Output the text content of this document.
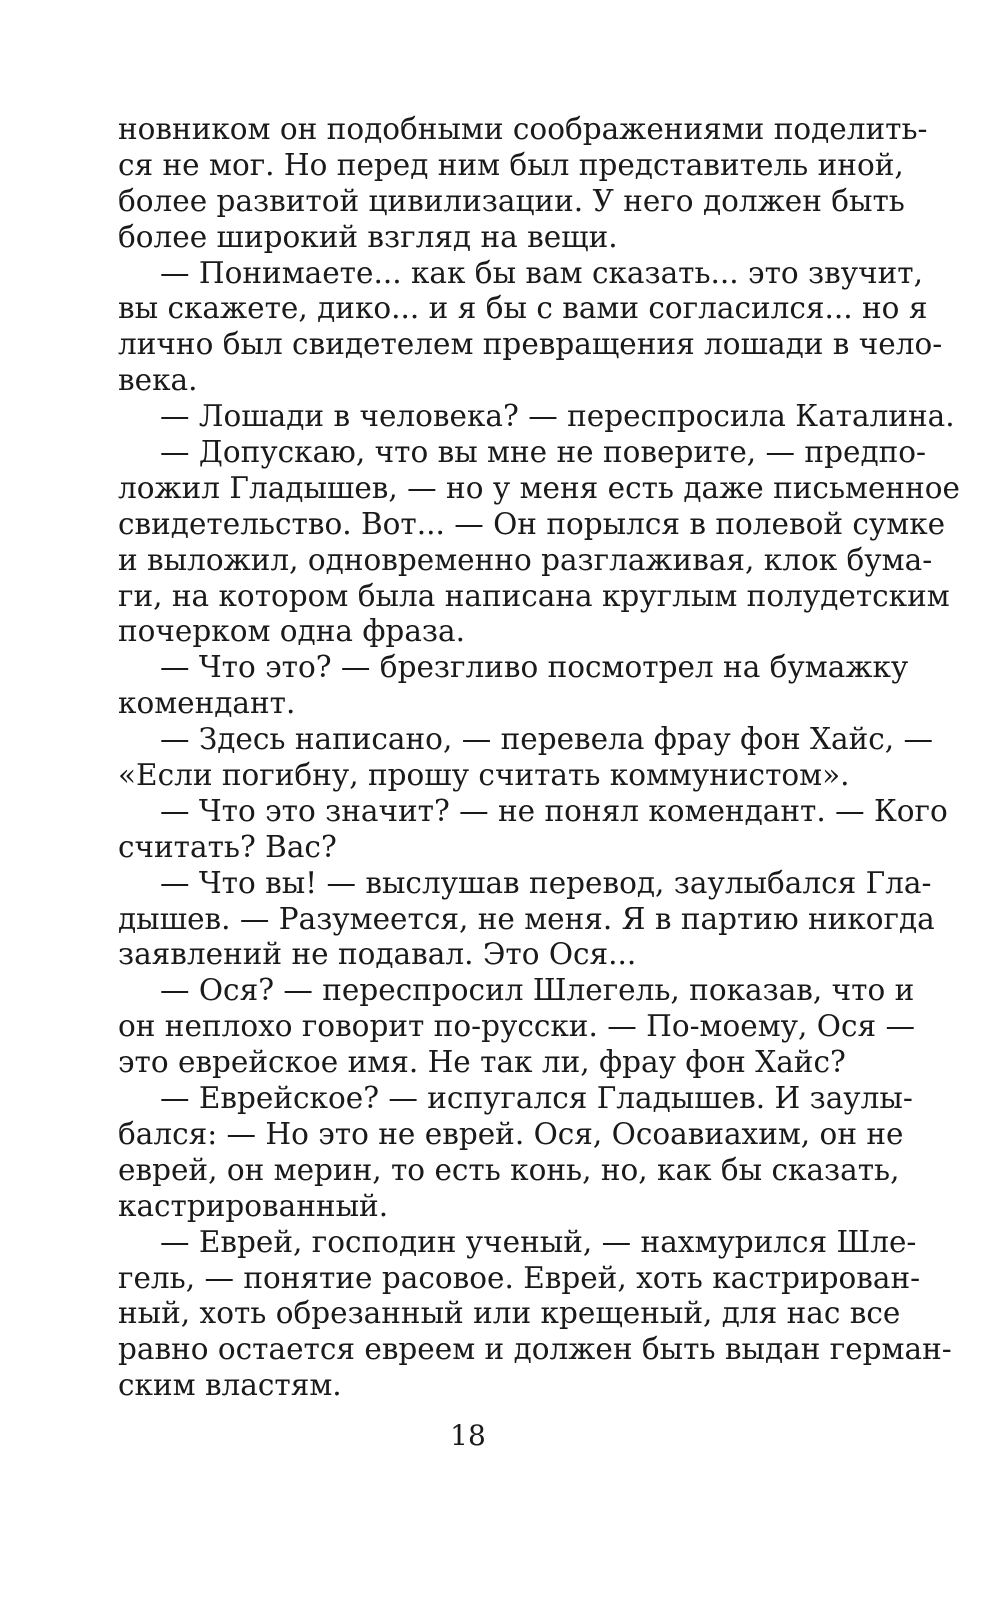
новником он подобными соображениями поделить-
ся не мог. Но перед ним был представитель иной,
более развитой цивилизации. У него должен быть
более широкий взгляд на вещи.
— Понимаете... как бы вам сказать... это звучит,
вы скажете, дико... и я бы с вами согласился... но я
лично был свидетелем превращения лошади в чело-
века.
— Лошади в человека? — переспросила Каталина.
— Допускаю, что вы мне не поверите, — предпо-
ложил Гладышев, — но у меня есть даже письменное
свидетельство. Вот... — Он порылся в полевой сумке
и выложил, одновременно разглаживая, клок бума-
ги, на котором была написана круглым полудетским
почерком одна фраза.
— Что это? — брезгливо посмотрел на бумажку
комендант.
— Здесь написано, — перевела фрау фон Хайс, —
«Если погибну, прошу считать коммунистом».
— Что это значит? — не понял комендант. — Кого
считать? Вас?
— Что вы! — выслушав перевод, заулыбался Гла-
дышев. — Разумеется, не меня. Я в партию никогда
заявлений не подавал. Это Ося...
— Ося? — переспросил Шлегель, показав, что и
он неплохо говорит по-русски. — По-моему, Ося —
это еврейское имя. Не так ли, фрау фон Хайс?
— Еврейское? — испугался Гладышев. И заулы-
бался: — Но это не еврей. Ося, Осоавиахим, он не
еврей, он мерин, то есть конь, но, как бы сказать,
кастрированный.
— Еврей, господин ученый, — нахмурился Шле-
гель, — понятие расовое. Еврей, хоть кастрирован-
ный, хоть обрезанный или крещеный, для нас все
равно остается евреем и должен быть выдан герман-
ским властям.
18
